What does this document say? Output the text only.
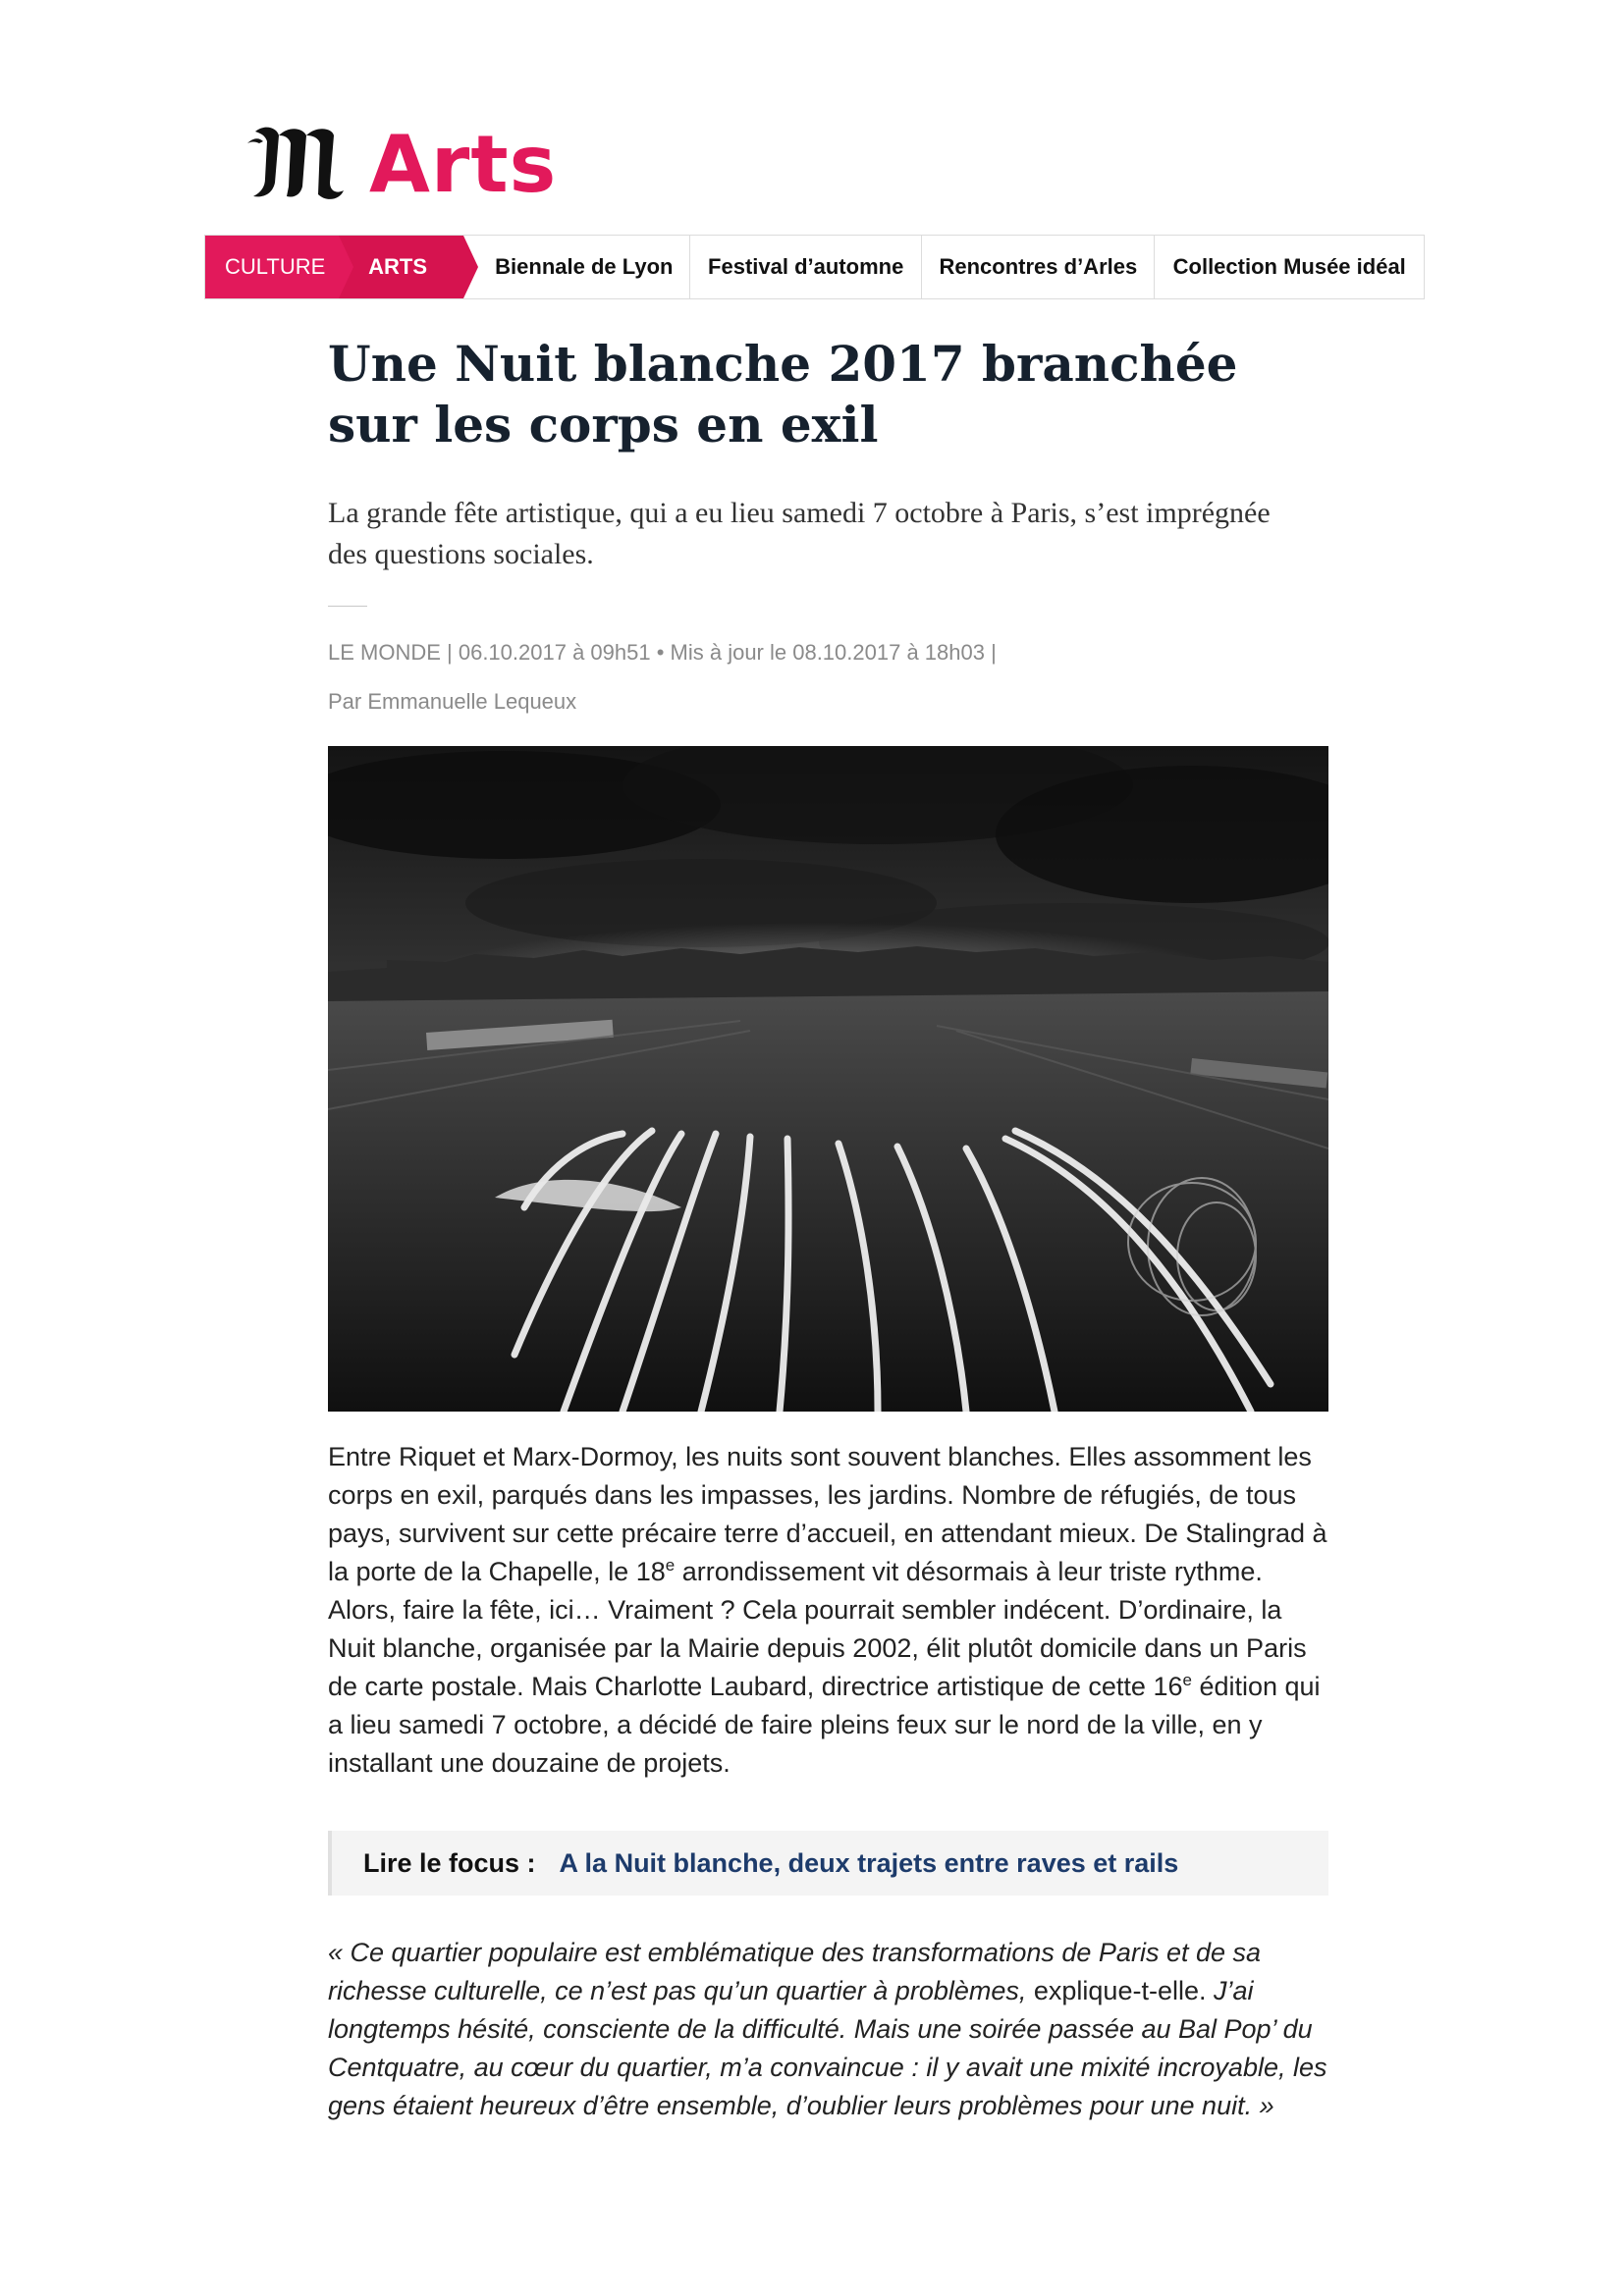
Arts
CULTURE	ARTS	Biennale de Lyon	Festival d’automne	Rencontres d’Arles	Collection Musée idéal
Une Nuit blanche 2017 branchée sur les corps en exil

La grande fête artistique, qui a eu lieu samedi 7 octobre à Paris, s’est imprégnée des questions sociales.

LE MONDE | 06.10.2017 à 09h51 • Mis à jour le 08.10.2017 à 18h03 |
Par Emmanuelle Lequeux

Entre Riquet et Marx-Dormoy, les nuits sont souvent blanches. Elles assomment les corps en exil, parqués dans les impasses, les jardins. Nombre de réfugiés, de tous pays, survivent sur cette précaire terre d’accueil, en attendant mieux. De Stalingrad à la porte de la Chapelle, le 18e arrondissement vit désormais à leur triste rythme. Alors, faire la fête, ici… Vraiment ? Cela pourrait sembler indécent. D’ordinaire, la Nuit blanche, organisée par la Mairie depuis 2002, élit plutôt domicile dans un Paris de carte postale. Mais Charlotte Laubard, directrice artistique de cette 16e édition qui a lieu samedi 7 octobre, a décidé de faire pleins feux sur le nord de la ville, en y installant une douzaine de projets.

Lire le focus : A la Nuit blanche, deux trajets entre raves et rails

« Ce quartier populaire est emblématique des transformations de Paris et de sa richesse culturelle, ce n’est pas qu’un quartier à problèmes, explique-t-elle. J’ai longtemps hésité, consciente de la difficulté. Mais une soirée passée au Bal Pop’ du Centquatre, au cœur du quartier, m’a convaincue : il y avait une mixité incroyable, les gens étaient heureux d’être ensemble, d’oublier leurs problèmes pour une nuit. »
